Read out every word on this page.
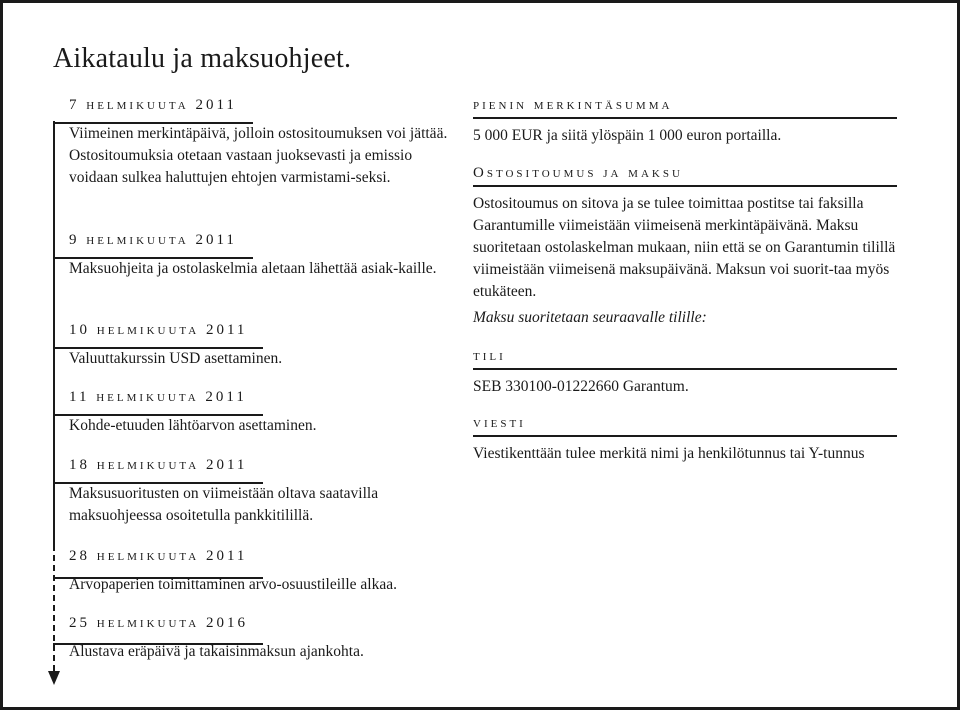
Aikataulu ja maksuohjeet.
7 helmikuuta 2011
Viimeinen merkintäpäivä, jolloin ostositoumuksen voi jättää. Ostositoumuksia otetaan vastaan juoksevasti ja emissio voidaan sulkea haluttujen ehtojen varmistami-seksi.
9 helmikuuta 2011
Maksuohjeita ja ostolaskelmia aletaan lähettää asiak-kaille.
10 helmikuuta 2011
Valuuttakurssin USD asettaminen.
11 helmikuuta 2011
Kohde-etuuden lähtöarvon asettaminen.
18 helmikuuta 2011
Maksusuoritusten on viimeistään oltava saatavilla maksuohjeessa osoitetulla pankkitilillä.
28 helmikuuta 2011
Arvopaperien toimittaminen arvo-osuustileille alkaa.
25 helmikuuta 2016
Alustava eräpäivä ja takaisinmaksun ajankohta.
pienin merkintäsumma
5 000 EUR ja siitä ylöspäin 1 000 euron portailla.
Ostositoumus ja maksu
Ostositoumus on sitova ja se tulee toimittaa postitse tai faksilla Garantumille viimeistään viimeisenä merkintäpäivänä. Maksu suoritetaan ostolaskelman mukaan, niin että se on Garantumin tilillä viimeistään viimeisenä maksupäivänä. Maksun voi suorit-taa myös etukäteen.
Maksu suoritetaan seuraavalle tilille:
tili
SEB 330100-01222660 Garantum.
viesti
Viestikenttään tulee merkitä nimi ja henkilötunnus tai Y-tunnus
